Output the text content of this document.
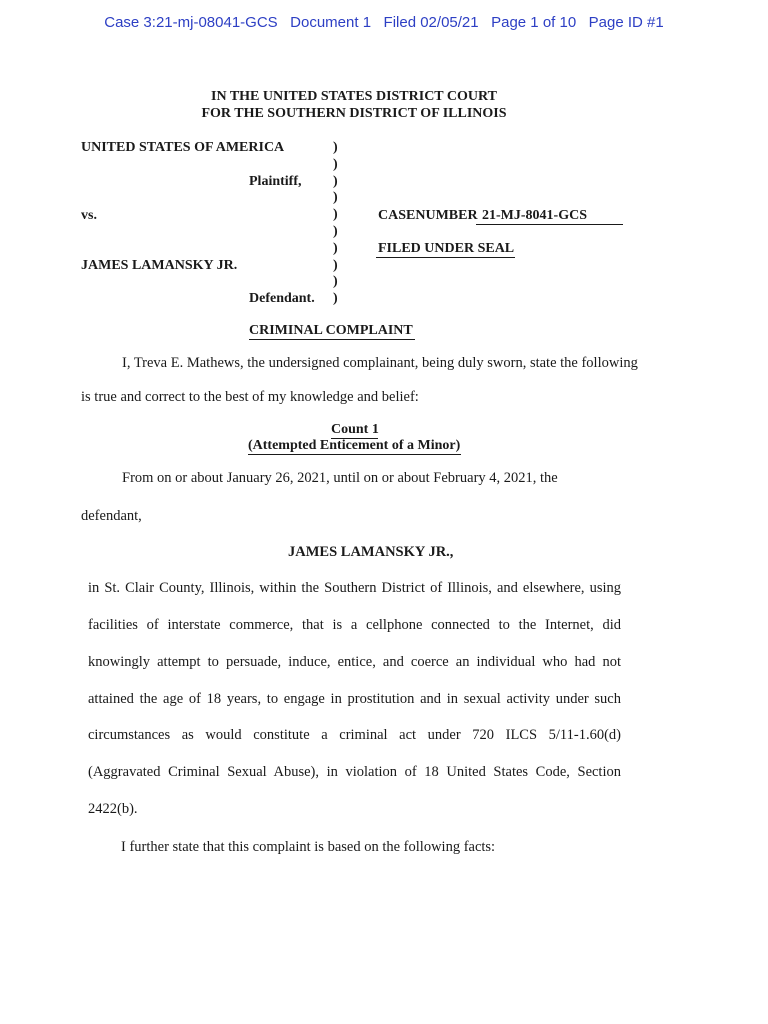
Case 3:21-mj-08041-GCS   Document 1   Filed 02/05/21   Page 1 of 10   Page ID #1
IN THE UNITED STATES DISTRICT COURT
FOR THE SOUTHERN DISTRICT OF ILLINOIS
UNITED STATES OF AMERICA
Plaintiff,
vs.
JAMES LAMANSKY JR.
Defendant.
)
)
)
)
)
)
)
)
)
)
CASENUMBER 21-MJ-8041-GCS
FILED UNDER SEAL
CRIMINAL COMPLAINT
I, Treva E. Mathews, the undersigned complainant, being duly sworn, state the following
is true and correct to the best of my knowledge and belief:
Count 1
(Attempted Enticement of a Minor)
From on or about January 26, 2021, until on or about February 4, 2021, the
defendant,
JAMES LAMANSKY JR.,
in St. Clair County, Illinois, within the Southern District of Illinois, and elsewhere, using
facilities of interstate commerce, that is a cellphone connected to the Internet, did
knowingly attempt to persuade, induce, entice, and coerce an individual who had not
attained the age of 18 years, to engage in prostitution and in sexual activity under such
circumstances as would constitute a criminal act under 720 ILCS 5/11-1.60(d)
(Aggravated Criminal Sexual Abuse), in violation of 18 United States Code, Section
2422(b).
I further state that this complaint is based on the following facts:
